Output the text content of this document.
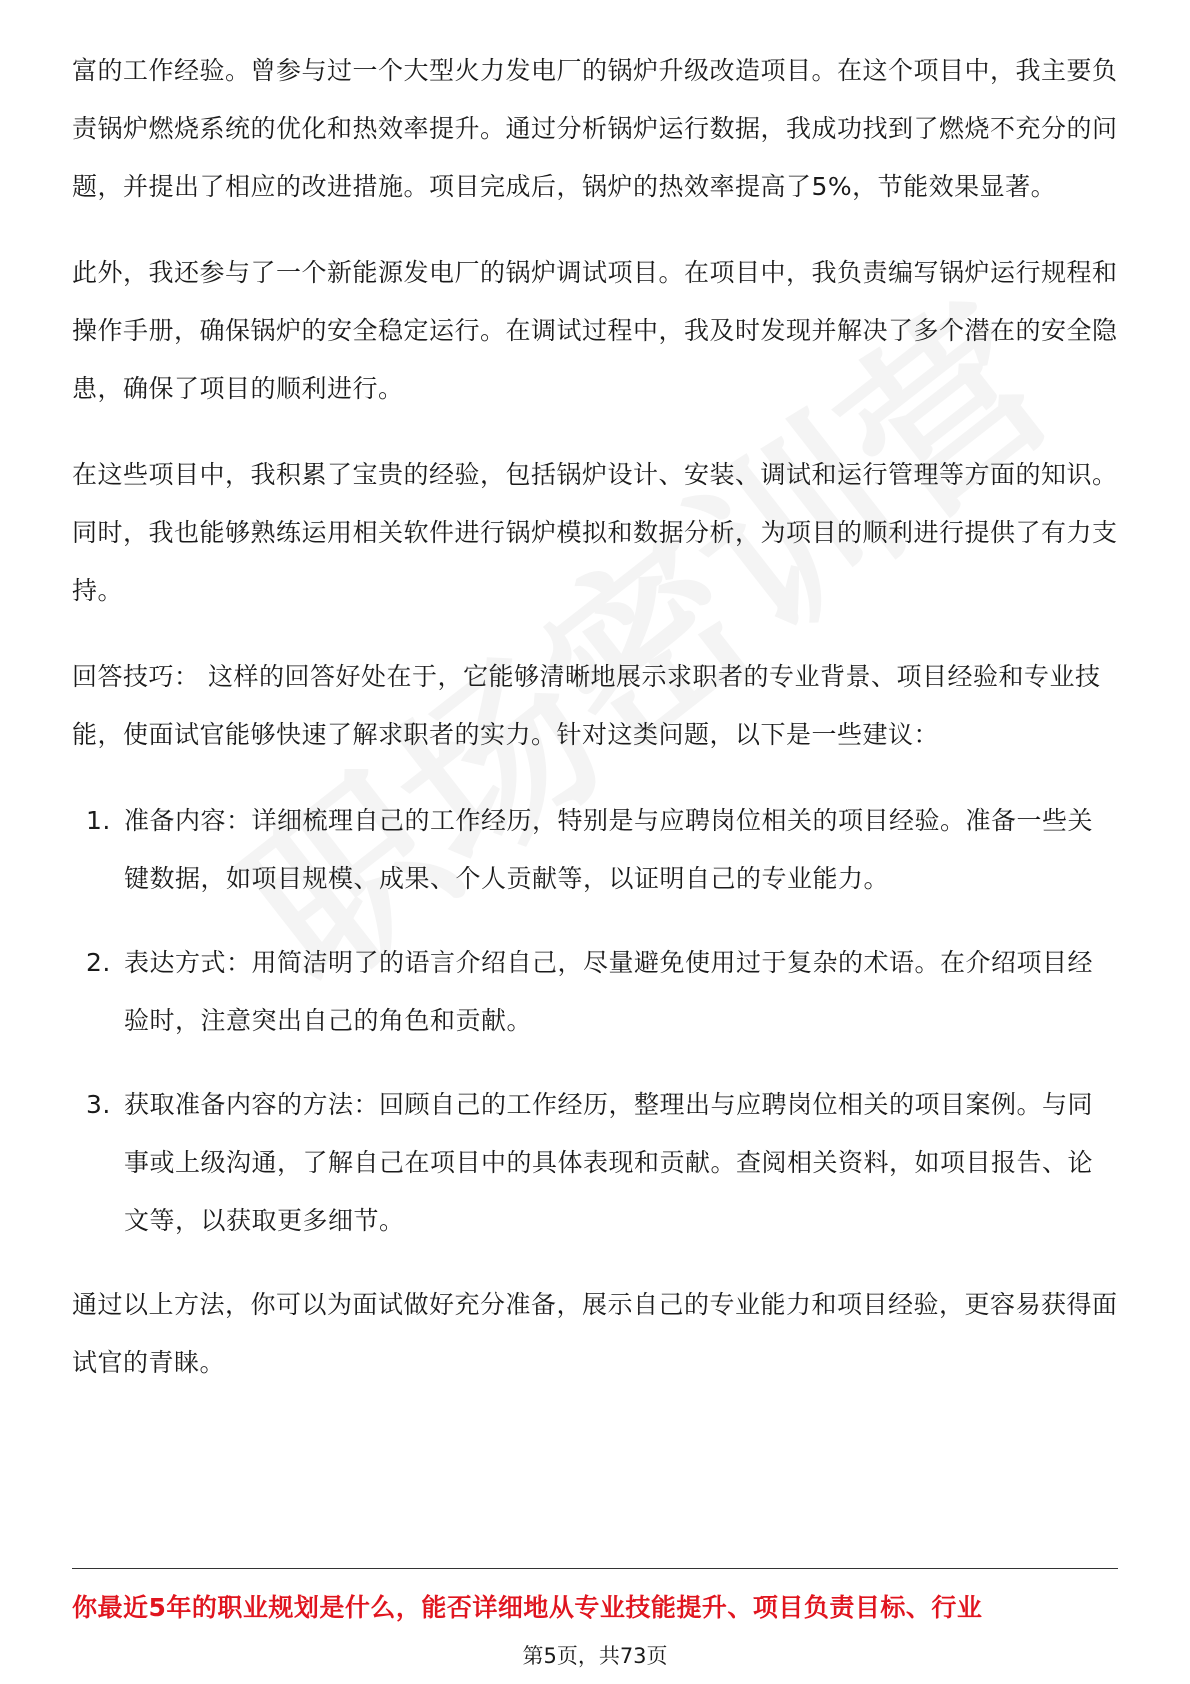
富的工作经验。曾参与过一个大型火力发电厂的锅炉升级改造项目。在这个项目中，我主要负责锅炉燃烧系统的优化和热效率提升。通过分析锅炉运行数据，我成功找到了燃烧不充分的问题，并提出了相应的改进措施。项目完成后，锅炉的热效率提高了5%，节能效果显著。

此外，我还参与了一个新能源发电厂的锅炉调试项目。在项目中，我负责编写锅炉运行规程和操作手册，确保锅炉的安全稳定运行。在调试过程中，我及时发现并解决了多个潜在的安全隐患，确保了项目的顺利进行。

在这些项目中，我积累了宝贵的经验，包括锅炉设计、安装、调试和运行管理等方面的知识。同时，我也能够熟练运用相关软件进行锅炉模拟和数据分析，为项目的顺利进行提供了有力支持。

回答技巧： 这样的回答好处在于，它能够清晰地展示求职者的专业背景、项目经验和专业技能，使面试官能够快速了解求职者的实力。针对这类问题，以下是一些建议：

1. 准备内容：详细梳理自己的工作经历，特别是与应聘岗位相关的项目经验。准备一些关键数据，如项目规模、成果、个人贡献等，以证明自己的专业能力。
2. 表达方式：用简洁明了的语言介绍自己，尽量避免使用过于复杂的术语。在介绍项目经验时，注意突出自己的角色和贡献。
3. 获取准备内容的方法：回顾自己的工作经历，整理出与应聘岗位相关的项目案例。与同事或上级沟通，了解自己在项目中的具体表现和贡献。查阅相关资料，如项目报告、论文等，以获取更多细节。

通过以上方法，你可以为面试做好充分准备，展示自己的专业能力和项目经验，更容易获得面试官的青睐。

你最近5年的职业规划是什么，能否详细地从专业技能提升、项目负责目标、行业
第5页，共73页
